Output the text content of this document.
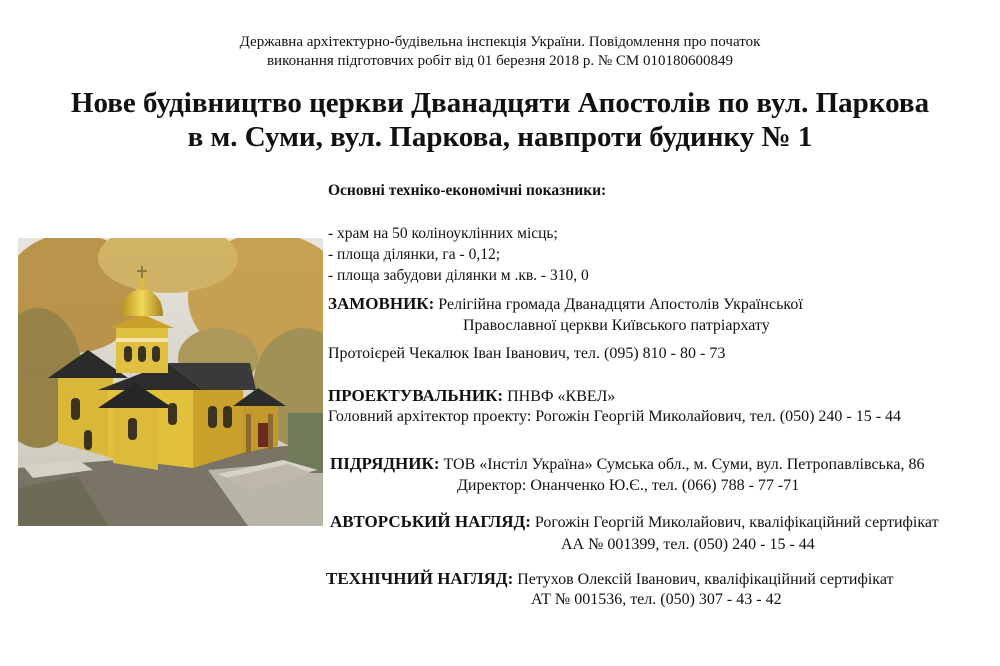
Державна архітектурно-будівельна інспекція України. Повідомлення про початок
виконання підготовчих робіт від 01 березня 2018 р. № СМ 010180600849
Нове будівництво церкви Дванадцяти Апостолів по вул. Паркова
в м. Суми, вул. Паркова, навпроти будинку № 1
Основні техніко-економічні показники:
- храм на 50 коліноуклінних місць;
- площа ділянки, га - 0,12;
- площа забудови ділянки м .кв. - 310, 0
ЗАМОВНИК: Релігійна громада Дванадцяти Апостолів Української
Православної церкви Київського патріархату
Протоієрей Чекалюк Іван Іванович, тел. (095) 810 - 80 - 73
ПРОЕКТУВАЛЬНИК: ПНВФ «КВЕЛ»
Головний архітектор проекту: Рогожін Георгій Миколайович, тел. (050) 240 - 15 - 44
ПІДРЯДНИК: ТОВ «Інстіл Україна» Сумська обл., м. Суми, вул. Петропавлівська, 86
Директор: Онанченко Ю.Є., тел. (066) 788 - 77 -71
АВТОРСЬКИЙ НАГЛЯД: Рогожін Георгій Миколайович, кваліфікаційний сертифікат
АА № 001399, тел. (050) 240 - 15 - 44
ТЕХНІЧНИЙ НАГЛЯД: Петухов Олексій Іванович, кваліфікаційний сертифікат
АТ № 001536, тел. (050) 307 - 43 - 42
